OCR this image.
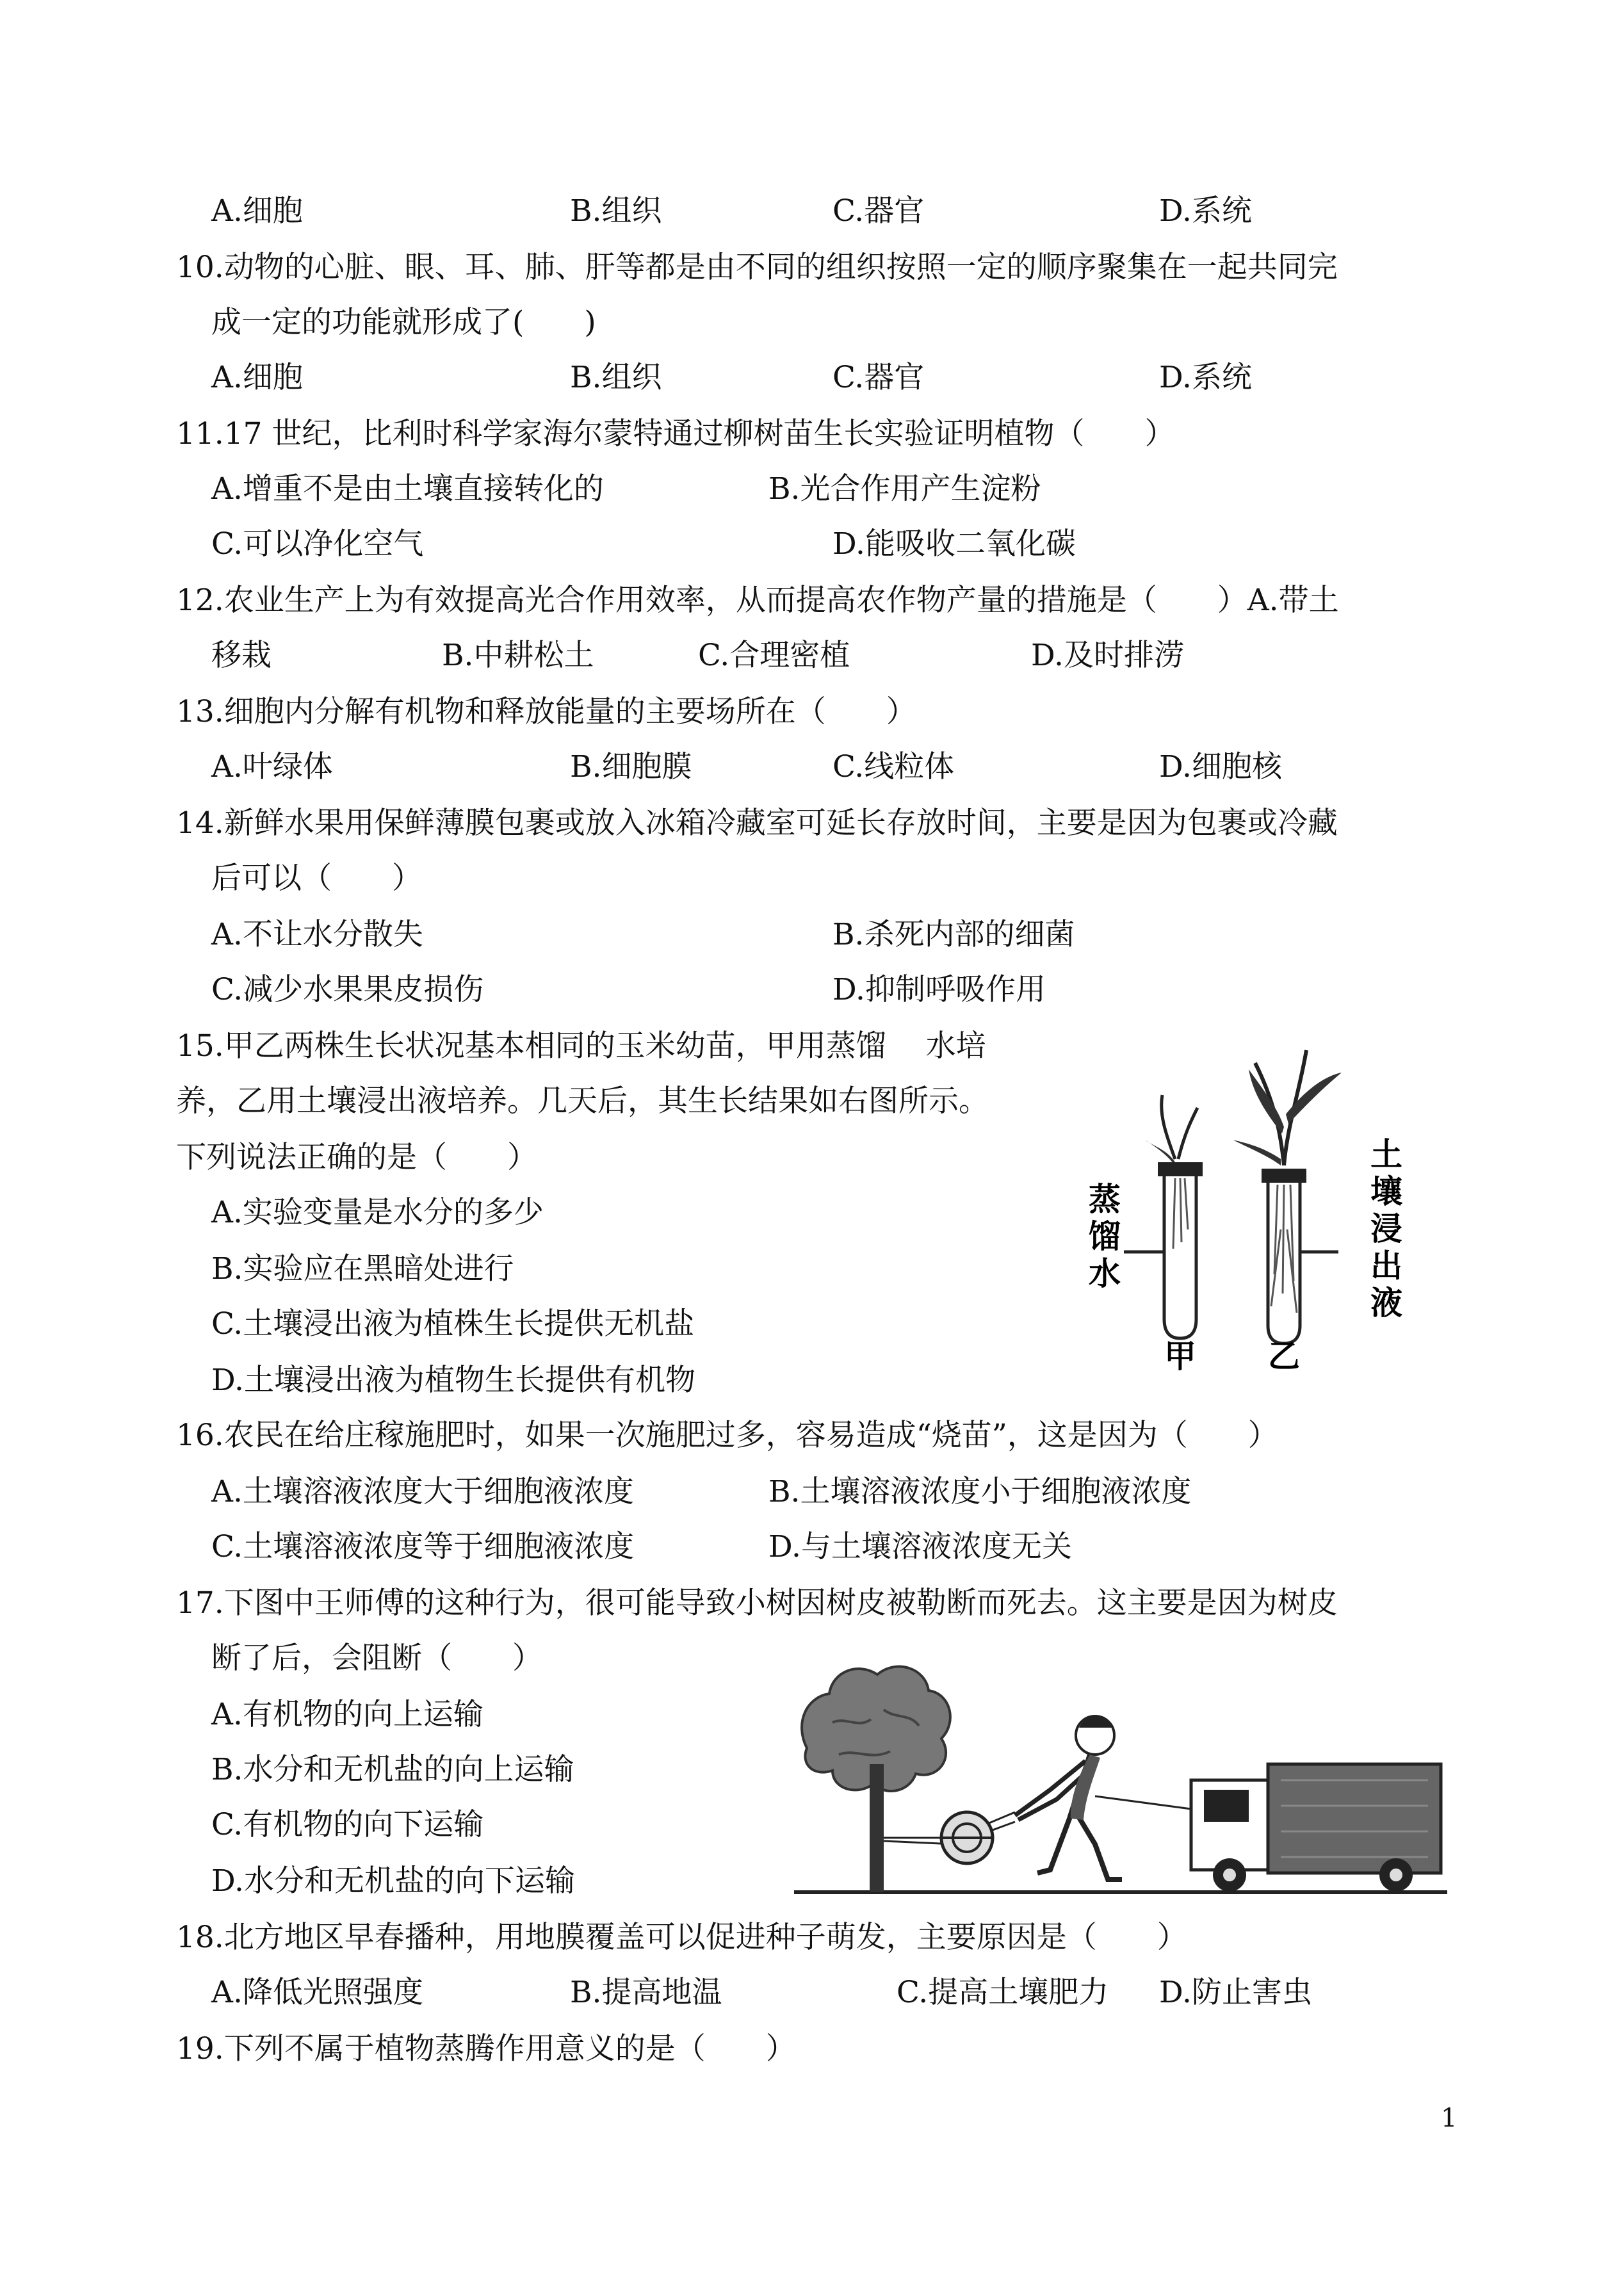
A.细胞	B.组织	C.器官	D.系统
10.动物的心脏、眼、耳、肺、肝等都是由不同的组织按照一定的顺序聚集在一起共同完
成一定的功能就形成了(　　)
A.细胞	B.组织	C.器官	D.系统
11.17 世纪，比利时科学家海尔蒙特通过柳树苗生长实验证明植物（　　）
A.增重不是由土壤直接转化的	B.光合作用产生淀粉
C.可以净化空气	D.能吸收二氧化碳
12.农业生产上为有效提高光合作用效率，从而提高农作物产量的措施是（　　）A.带土
移栽	B.中耕松土	C.合理密植	D.及时排涝
13.细胞内分解有机物和释放能量的主要场所在（　　）
A.叶绿体	B.细胞膜	C.线粒体	D.细胞核
14.新鲜水果用保鲜薄膜包裹或放入冰箱冷藏室可延长存放时间，主要是因为包裹或冷藏
后可以（　　）
A.不让水分散失	B.杀死内部的细菌
C.减少水果果皮损伤	D.抑制呼吸作用
15.甲乙两株生长状况基本相同的玉米幼苗，甲用蒸馏　 水培
养，乙用土壤浸出液培养。几天后，其生长结果如右图所示。
下列说法正确的是（　　）
A.实验变量是水分的多少
B.实验应在黑暗处进行
C.土壤浸出液为植株生长提供无机盐
D.土壤浸出液为植物生长提供有机物
16.农民在给庄稼施肥时，如果一次施肥过多，容易造成“烧苗”，这是因为（　　）
A.土壤溶液浓度大于细胞液浓度	B.土壤溶液浓度小于细胞液浓度
C.土壤溶液浓度等于细胞液浓度	D.与土壤溶液浓度无关
17.下图中王师傅的这种行为，很可能导致小树因树皮被勒断而死去。这主要是因为树皮
断了后，会阻断（　　）
A.有机物的向上运输
B.水分和无机盐的向上运输
C.有机物的向下运输
D.水分和无机盐的向下运输
18.北方地区早春播种，用地膜覆盖可以促进种子萌发，主要原因是（　　）
A.降低光照强度	B.提高地温	C.提高土壤肥力 D.防止害虫
19.下列不属于植物蒸腾作用意义的是（　　）
蒸馏水
甲
土壤浸出液
乙
1
